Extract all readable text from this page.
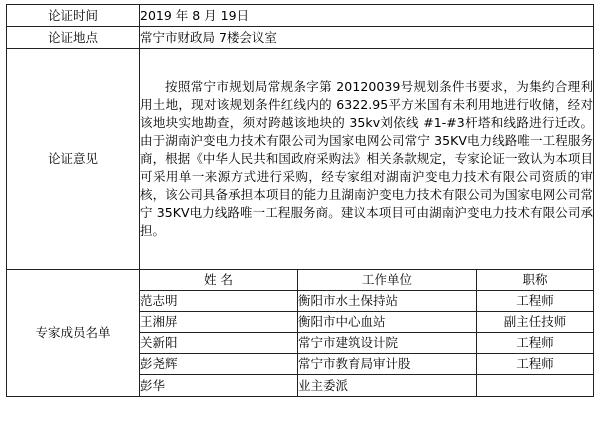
论证时间	2019 年 8 月 19日		
论证地点	常宁市财政局 7楼会议室		
论证意见	按照常宁市规划局常规条字第 20120039号规划条件书要求，为集约合理利用土地，现对该规划条件红线内的 6322.95平方米国有未利用地进行收储，经对该地块实地勘查，须对跨越该地块的 35kv刘依线 #1-#3杆塔和线路进行迁改。由于湖南沪变电力技术有限公司为国家电网公司常宁 35KV电力线路唯一工程服务商，根据《中华人民共和国政府采购法》相关条款规定，专家论证一致认为本项目可采用单一来源方式进行采购，经专家组对湖南沪变电力技术有限公司资质的审核，该公司具备承担本项目的能力且湖南沪变电力技术有限公司为国家电网公司常宁 35KV电力线路唯一工程服务商。建议本项目可由湖南沪变电力技术有限公司承担。		

专家成员名单	姓 名	工作单位	职称
	范志明	衡阳市水土保持站	工程师
	王湘屏	衡阳市中心血站	副主任技师
	关新阳	常宁市建筑设计院	工程师
	彭尧辉	常宁市教育局审计股	工程师
	彭华	业主委派	
